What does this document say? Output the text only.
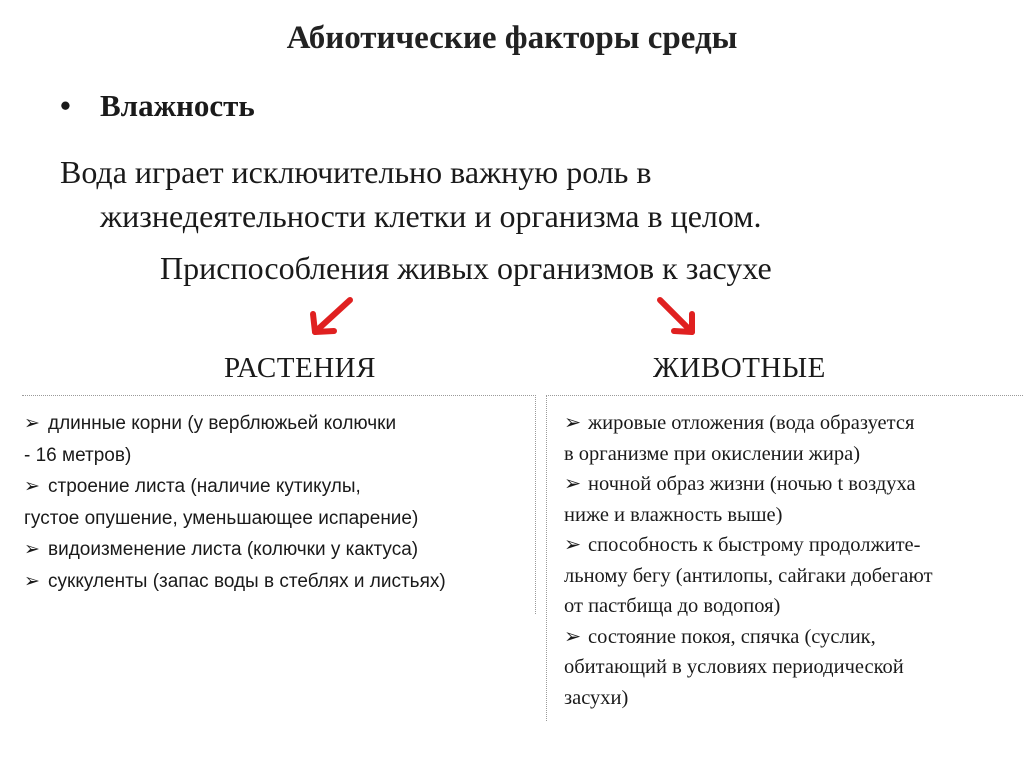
Абиотические факторы среды
• Влажность
Вода играет исключительно важную роль в
жизнедеятельности клетки и организма в целом.
Приспособления живых организмов к засухе
РАСТЕНИЯ	ЖИВОТНЫЕ
➢ длинные корни (у верблюжьей колючки
- 16 метров)
➢ строение листа (наличие кутикулы,
густое опушение, уменьшающее испарение)
➢ видоизменение листа (колючки у кактуса)
➢ суккуленты (запас воды в стеблях и листьях)
➢ жировые отложения (вода образуется
в организме при окислении жира)
➢ ночной образ жизни (ночью t воздуха
ниже и влажность выше)
➢ способность к быстрому продолжите-
льному бегу (антилопы, сайгаки добегают
от пастбища до водопоя)
➢ состояние покоя, спячка (суслик,
обитающий в условиях периодической
засухи)
